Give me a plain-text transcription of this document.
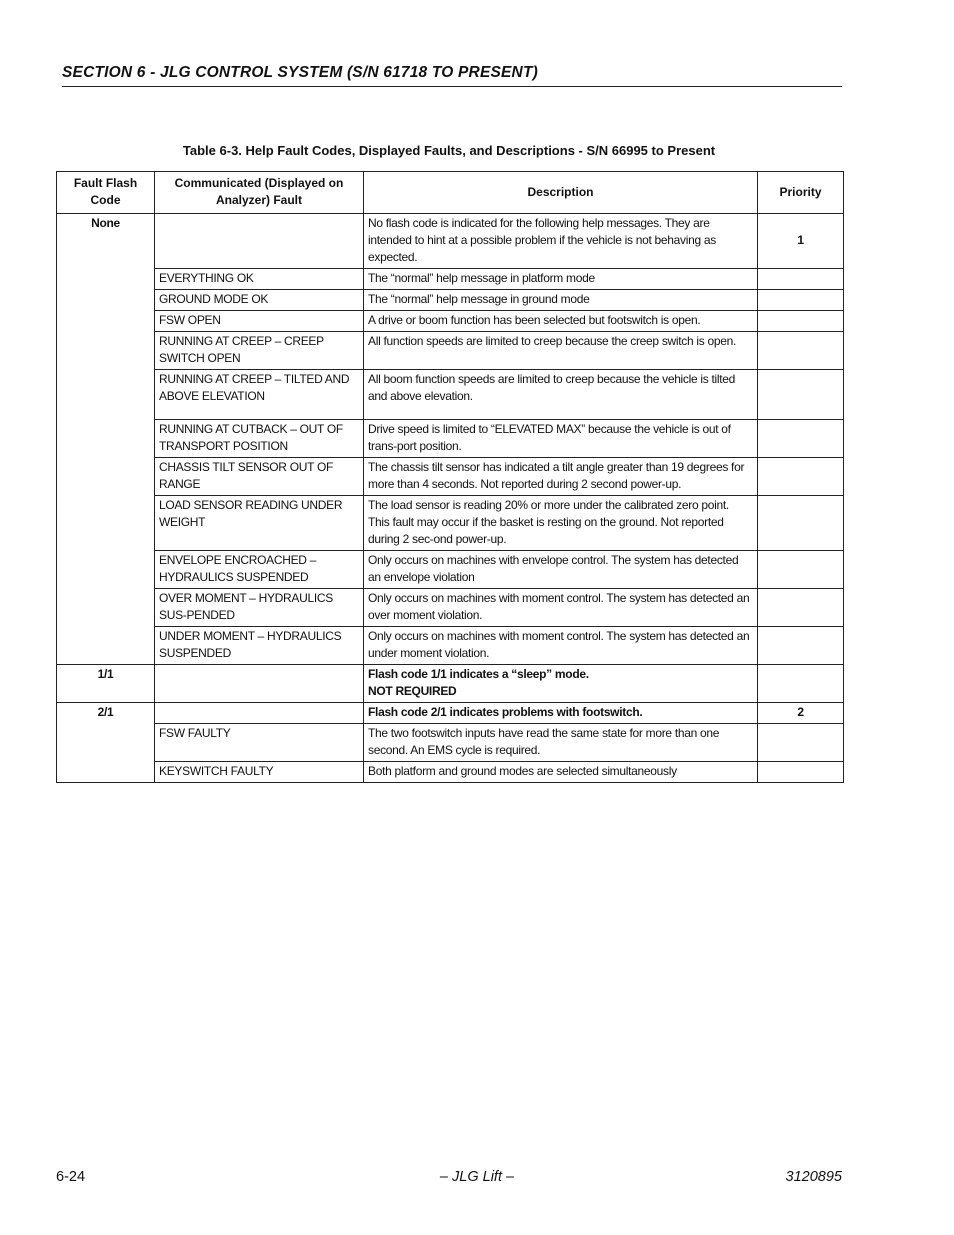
SECTION 6 - JLG CONTROL SYSTEM (S/N 61718 TO PRESENT)
Table 6-3. Help Fault Codes, Displayed Faults, and Descriptions - S/N 66995 to Present
Fault Flash Code	Communicated (Displayed on Analyzer) Fault	Description	Priority
None		No flash code is indicated for the following help messages. They are intended to hint at a possible problem if the vehicle is not behaving as expected.	1
	EVERYTHING OK	The “normal” help message in platform mode	
	GROUND MODE OK	The “normal” help message in ground mode	
	FSW OPEN	A drive or boom function has been selected but footswitch is open.	
	RUNNING AT CREEP – CREEP SWITCH OPEN	All function speeds are limited to creep because the creep switch is open.	
	RUNNING AT CREEP – TILTED AND ABOVE ELEVATION	All boom function speeds are limited to creep because the vehicle is tilted and above elevation.	
	RUNNING AT CUTBACK – OUT OF TRANSPORT POSITION	Drive speed is limited to “ELEVATED MAX” because the vehicle is out of trans-port position.	
	CHASSIS TILT SENSOR OUT OF RANGE	The chassis tilt sensor has indicated a tilt angle greater than 19 degrees for more than 4 seconds. Not reported during 2 second power-up.	
	LOAD SENSOR READING UNDER WEIGHT	The load sensor is reading 20% or more under the calibrated zero point. This fault may occur if the basket is resting on the ground. Not reported during 2 sec-ond power-up.	
	ENVELOPE ENCROACHED – HYDRAULICS SUSPENDED	Only occurs on machines with envelope control. The system has detected an envelope violation	
	OVER MOMENT – HYDRAULICS SUS-PENDED	Only occurs on machines with moment control. The system has detected an over moment violation.	
	UNDER MOMENT – HYDRAULICS SUSPENDED	Only occurs on machines with moment control. The system has detected an under moment violation.	
1/1		Flash code 1/1 indicates a “sleep” mode.
NOT REQUIRED	

2/1		Flash code 2/1 indicates problems with footswitch.	2
	FSW FAULTY	The two footswitch inputs have read the same state for more than one second. An EMS cycle is required.	
	KEYSWITCH FAULTY	Both platform and ground modes are selected simultaneously	
6-24	– JLG Lift –	3120895
